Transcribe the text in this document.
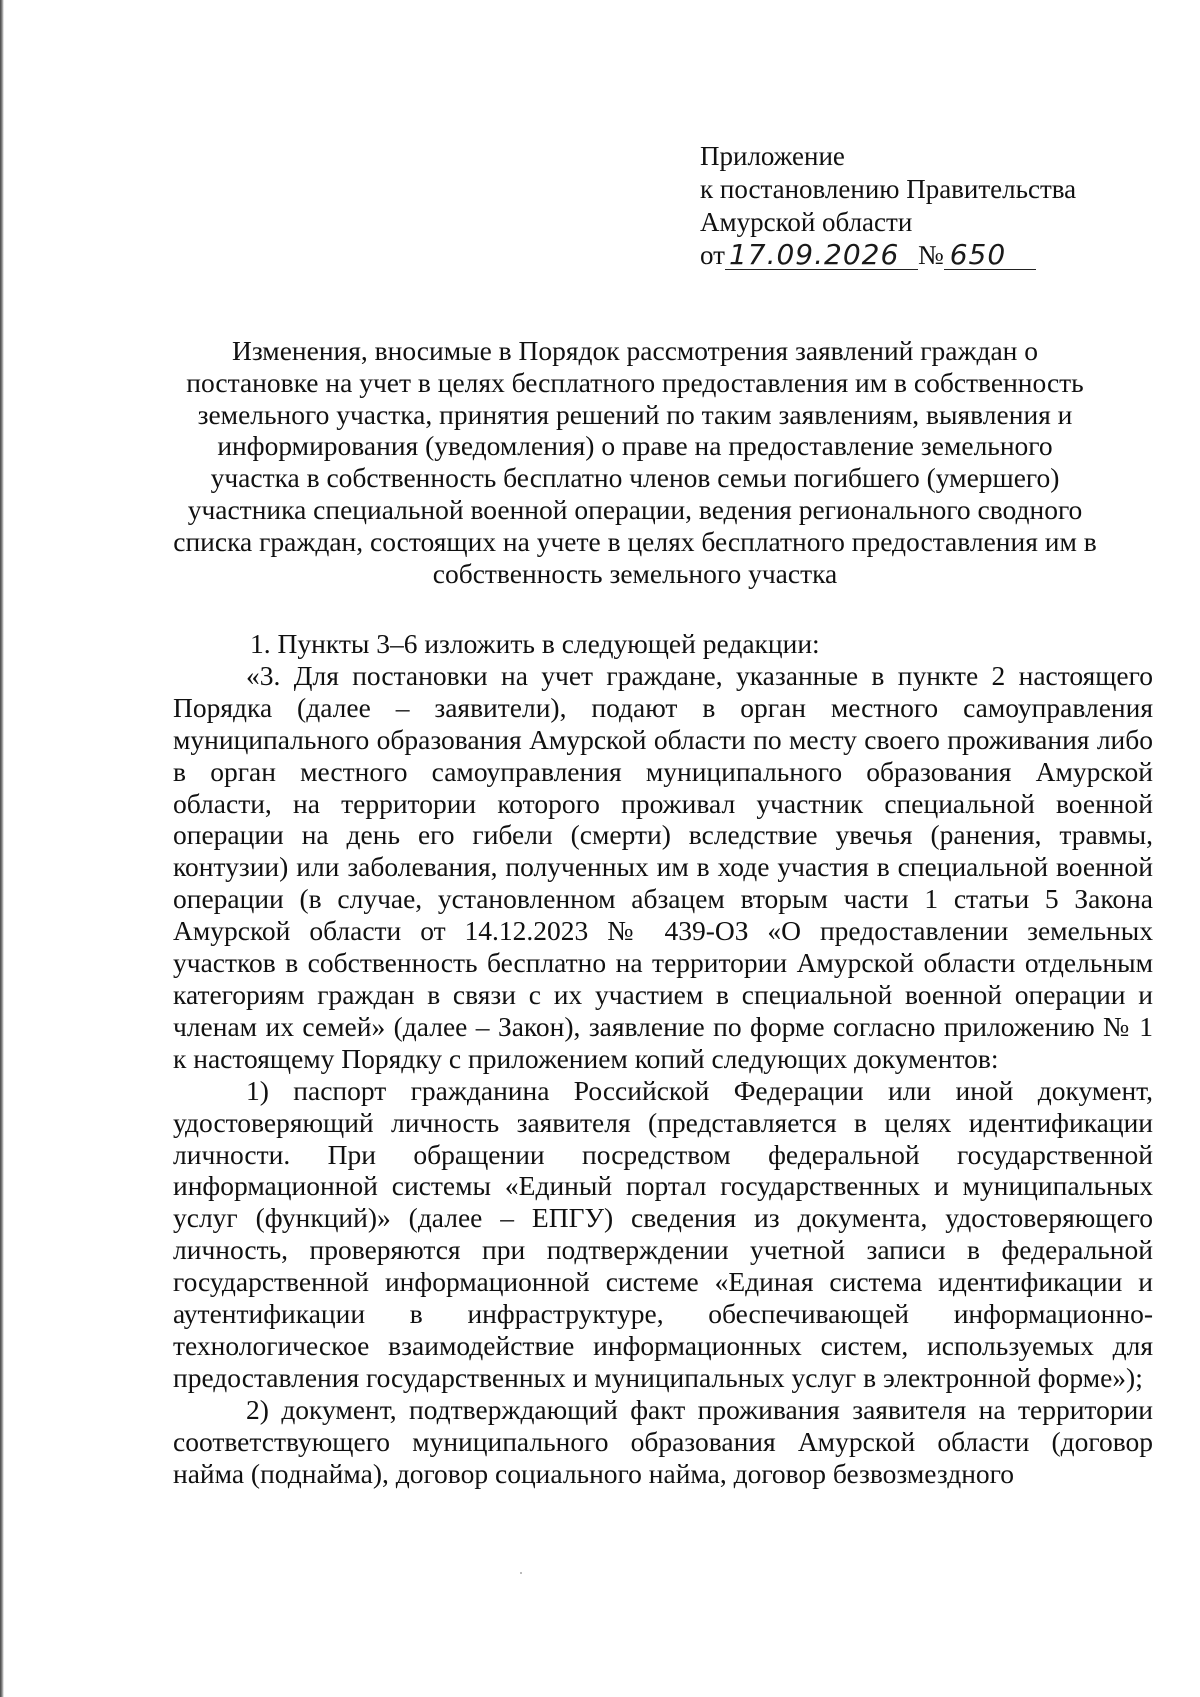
Приложение
к постановлению Правительства
Амурской области
от 17.09.2026 № 650
Изменения, вносимые в Порядок рассмотрения заявлений граждан о постановке на учет в целях бесплатного предоставления им в собственность земельного участка, принятия решений по таким заявлениям, выявления и информирования (уведомления) о праве на предоставление земельного участка в собственность бесплатно членов семьи погибшего (умершего) участника специальной военной операции, ведения регионального сводного списка граждан, состоящих на учете в целях бесплатного предоставления им в собственность земельного участка

1. Пункты 3–6 изложить в следующей редакции:

«3. Для постановки на учет граждане, указанные в пункте 2 настоящего Порядка (далее – заявители), подают в орган местного самоуправления муниципального образования Амурской области по месту своего проживания либо в орган местного самоуправления муниципального образования Амурской области, на территории которого проживал участник специальной военной операции на день его гибели (смерти) вследствие увечья (ранения, травмы, контузии) или заболевания, полученных им в ходе участия в специальной военной операции (в случае, установленном абзацем вторым части 1 статьи 5 Закона Амурской области от 14.12.2023 № 439-ОЗ «О предоставлении земельных участков в собственность бесплатно на территории Амурской области отдельным категориям граждан в связи с их участием в специальной военной операции и членам их семей» (далее – Закон), заявление по форме согласно приложению № 1 к настоящему Порядку с приложением копий следующих документов:

1) паспорт гражданина Российской Федерации или иной документ, удостоверяющий личность заявителя (представляется в целях идентификации личности. При обращении посредством федеральной государственной информационной системы «Единый портал государственных и муниципальных услуг (функций)» (далее – ЕПГУ) сведения из документа, удостоверяющего личность, проверяются при подтверждении учетной записи в федеральной государственной информационной системе «Единая система идентификации и аутентификации в инфраструктуре, обеспечивающей информационно-технологическое взаимодействие информационных систем, используемых для предоставления государственных и муниципальных услуг в электронной форме»);

2) документ, подтверждающий факт проживания заявителя на территории соответствующего муниципального образования Амурской области (договор найма (поднайма), договор социального найма, договор безвозмездного
